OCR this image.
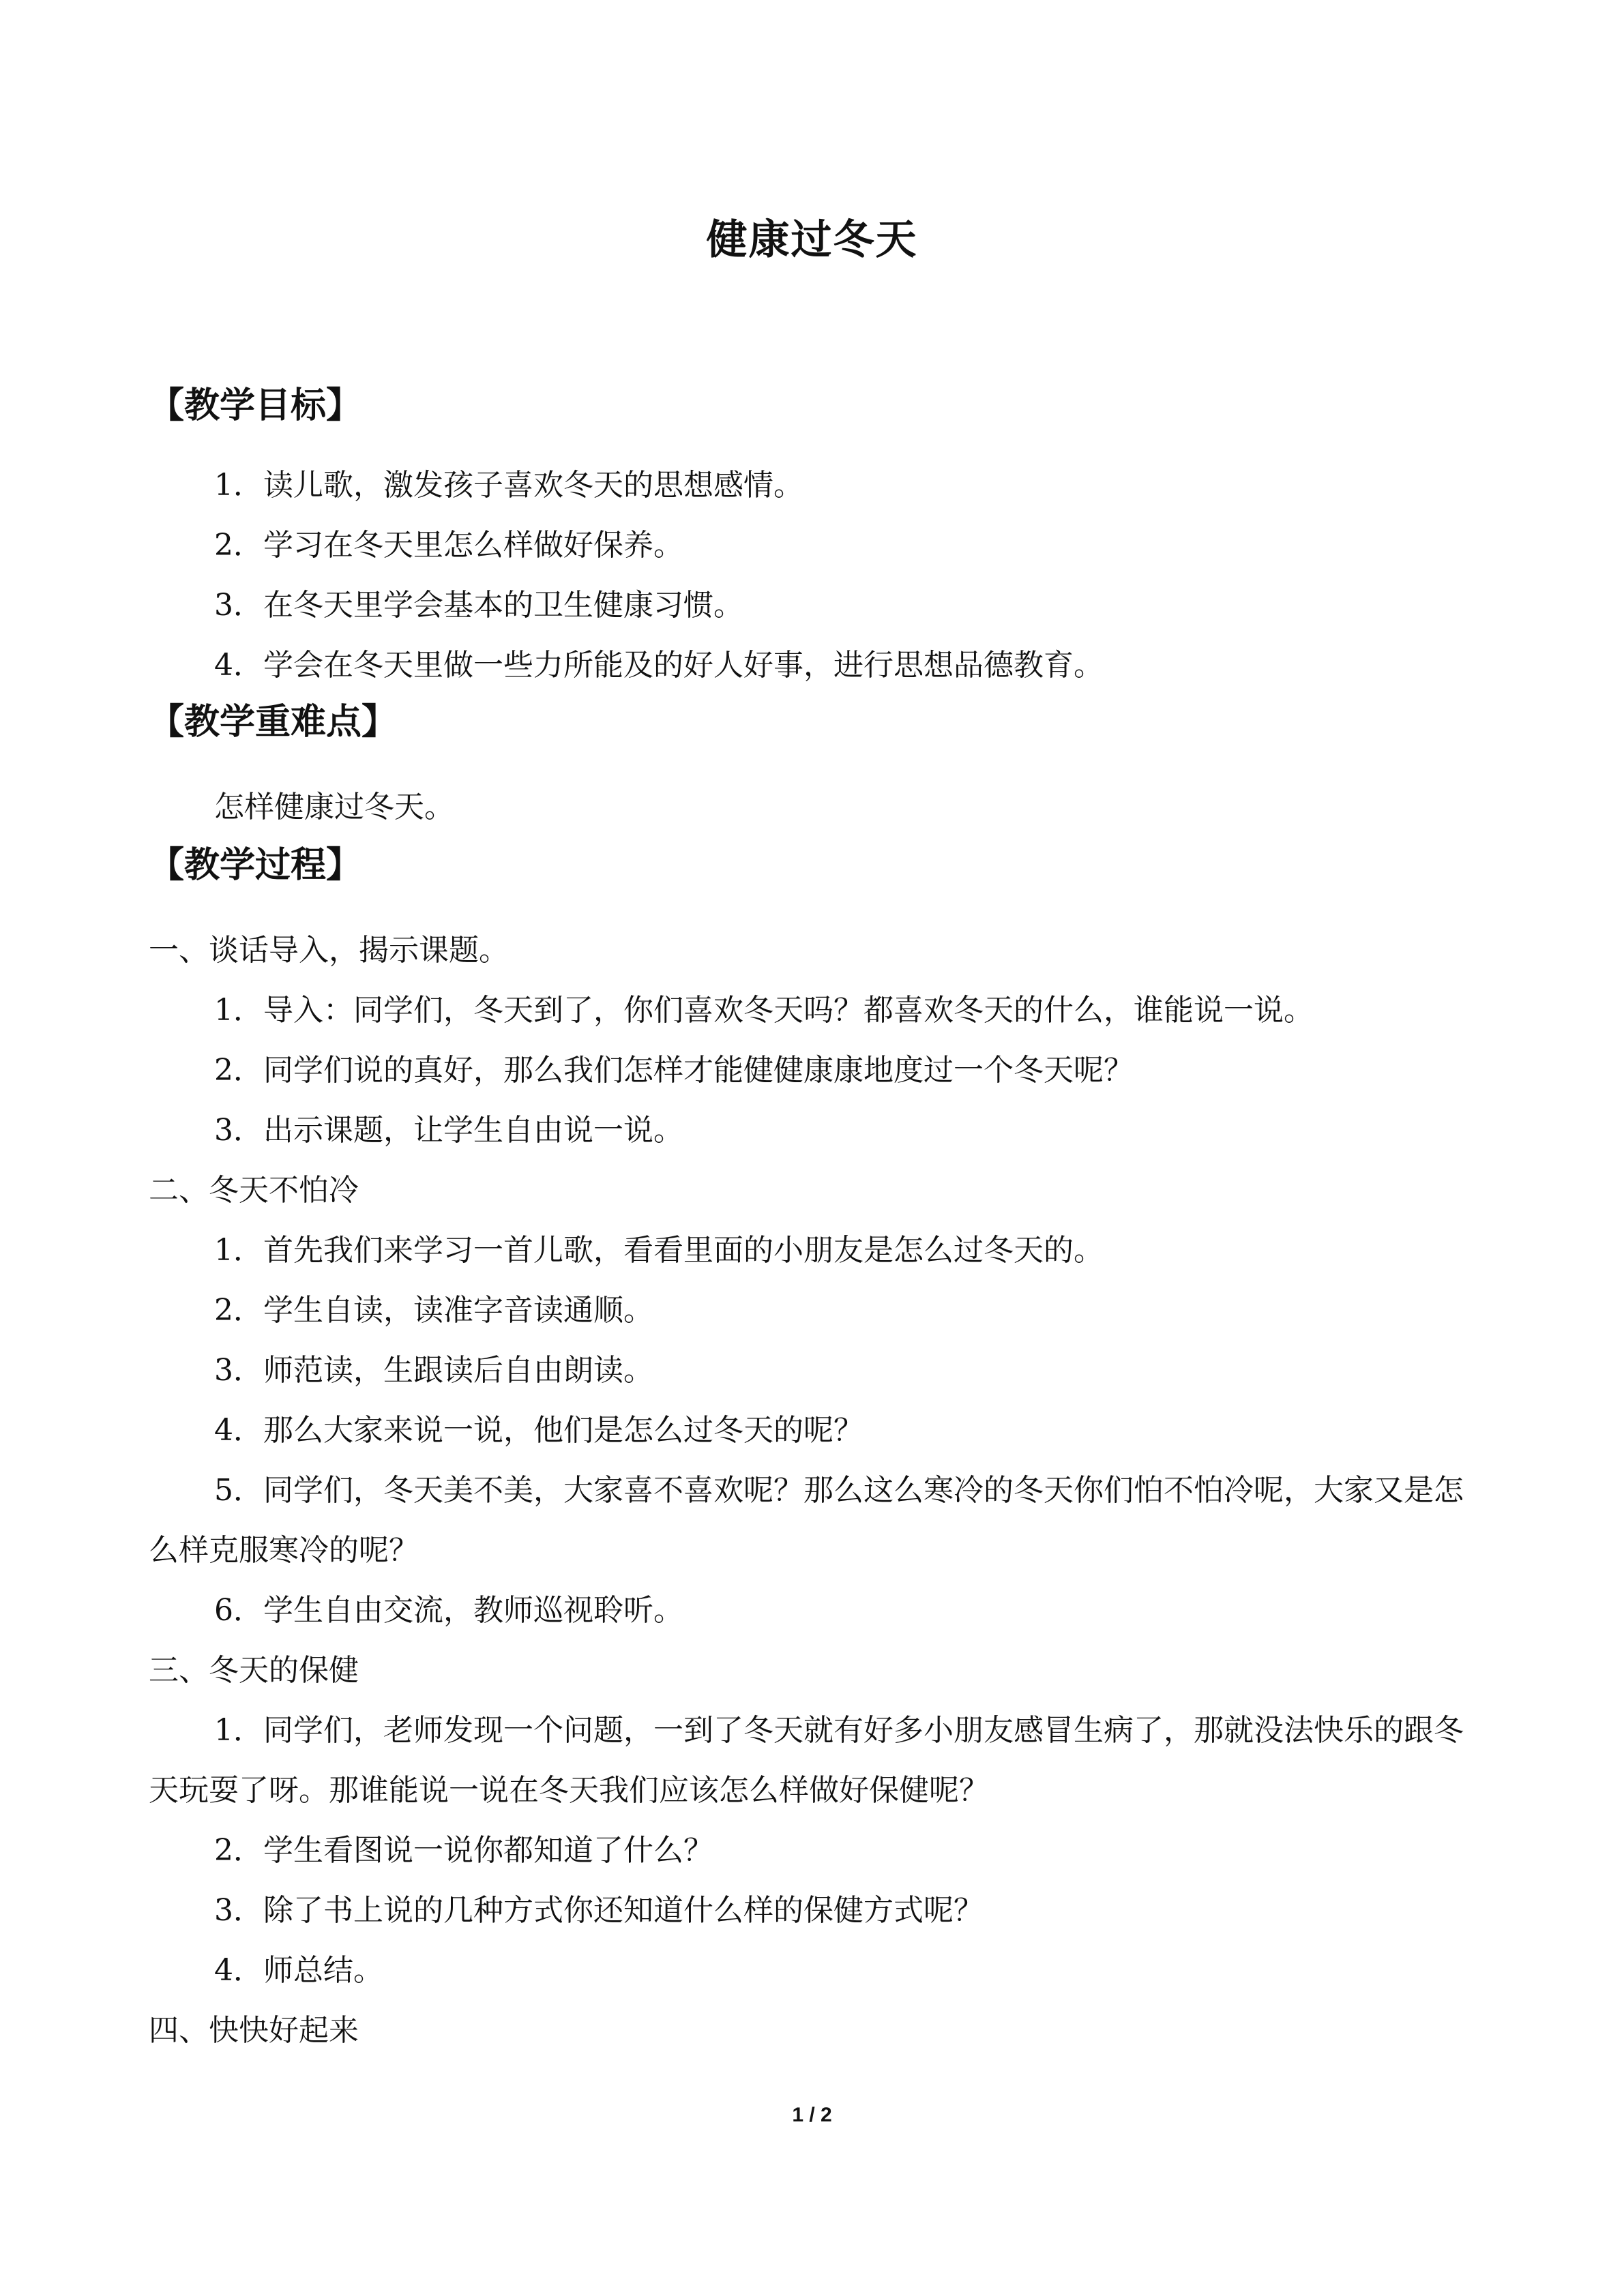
健康过冬天
【教学目标】

1．读儿歌，激发孩子喜欢冬天的思想感情。

2．学习在冬天里怎么样做好保养。

3．在冬天里学会基本的卫生健康习惯。

4．学会在冬天里做一些力所能及的好人好事，进行思想品德教育。

【教学重难点】

怎样健康过冬天。

【教学过程】

一、谈话导入，揭示课题。

1．导入：同学们，冬天到了，你们喜欢冬天吗？都喜欢冬天的什么，谁能说一说。

2．同学们说的真好，那么我们怎样才能健健康康地度过一个冬天呢？

3．出示课题，让学生自由说一说。

二、冬天不怕冷

1．首先我们来学习一首儿歌，看看里面的小朋友是怎么过冬天的。

2．学生自读，读准字音读通顺。

3．师范读，生跟读后自由朗读。

4．那么大家来说一说，他们是怎么过冬天的呢？

5．同学们，冬天美不美，大家喜不喜欢呢？那么这么寒冷的冬天你们怕不怕冷呢，大家又是怎么样克服寒冷的呢？

6．学生自由交流，教师巡视聆听。

三、冬天的保健

1．同学们，老师发现一个问题，一到了冬天就有好多小朋友感冒生病了，那就没法快乐的跟冬天玩耍了呀。那谁能说一说在冬天我们应该怎么样做好保健呢？

2．学生看图说一说你都知道了什么？

3．除了书上说的几种方式你还知道什么样的保健方式呢？

4．师总结。

四、快快好起来

1 / 2
